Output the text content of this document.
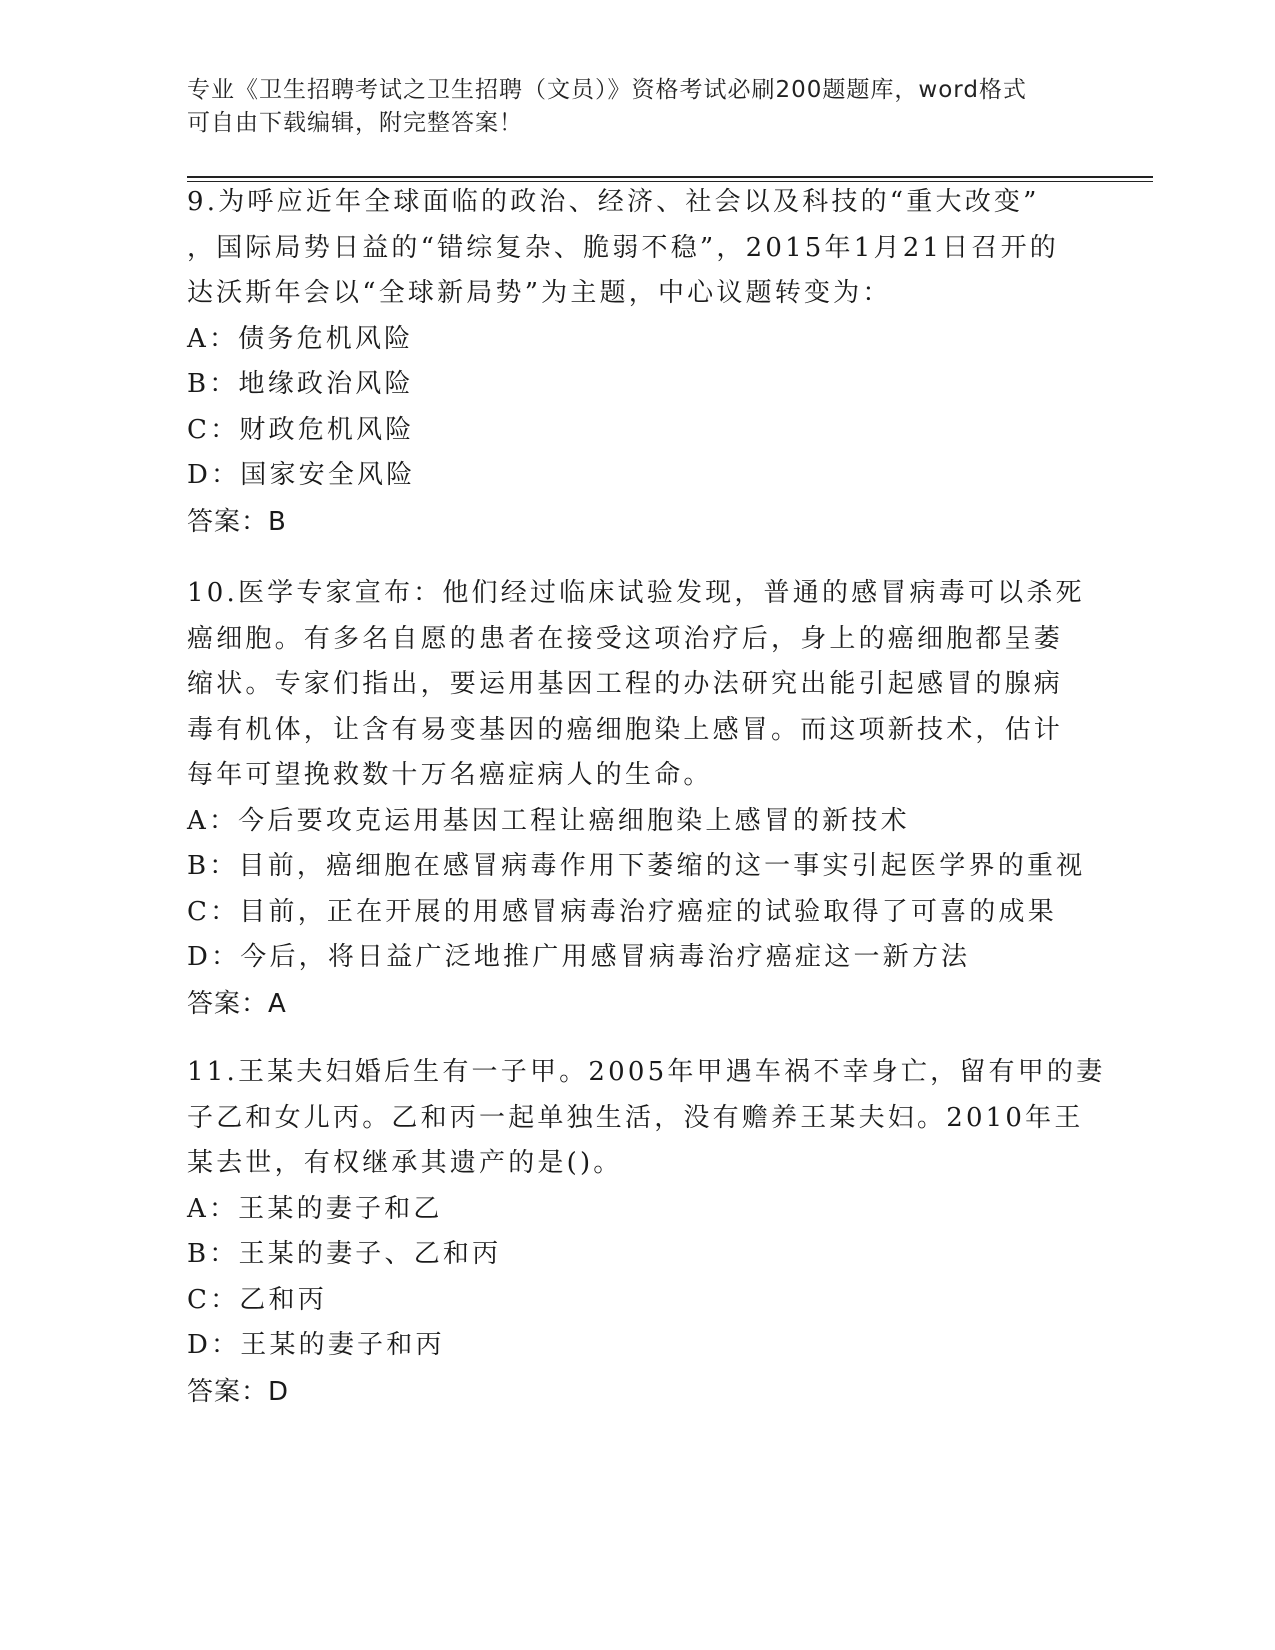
专业《卫生招聘考试之卫生招聘（文员）》资格考试必刷200题题库，word格式
可自由下载编辑，附完整答案！
9.为呼应近年全球面临的政治、经济、社会以及科技的“重大改变”
，国际局势日益的“错综复杂、脆弱不稳”，2015年1月21日召开的
达沃斯年会以“全球新局势”为主题，中心议题转变为：
A：债务危机风险
B：地缘政治风险
C：财政危机风险
D：国家安全风险
答案：B
10.医学专家宣布：他们经过临床试验发现，普通的感冒病毒可以杀死
癌细胞。有多名自愿的患者在接受这项治疗后，身上的癌细胞都呈萎
缩状。专家们指出，要运用基因工程的办法研究出能引起感冒的腺病
毒有机体，让含有易变基因的癌细胞染上感冒。而这项新技术，估计
每年可望挽救数十万名癌症病人的生命。
A：今后要攻克运用基因工程让癌细胞染上感冒的新技术
B：目前，癌细胞在感冒病毒作用下萎缩的这一事实引起医学界的重视
C：目前，正在开展的用感冒病毒治疗癌症的试验取得了可喜的成果
D：今后，将日益广泛地推广用感冒病毒治疗癌症这一新方法
答案：A
11.王某夫妇婚后生有一子甲。2005年甲遇车祸不幸身亡，留有甲的妻
子乙和女儿丙。乙和丙一起单独生活，没有赡养王某夫妇。2010年王
某去世，有权继承其遗产的是()。
A：王某的妻子和乙
B：王某的妻子、乙和丙
C：乙和丙
D：王某的妻子和丙
答案：D
